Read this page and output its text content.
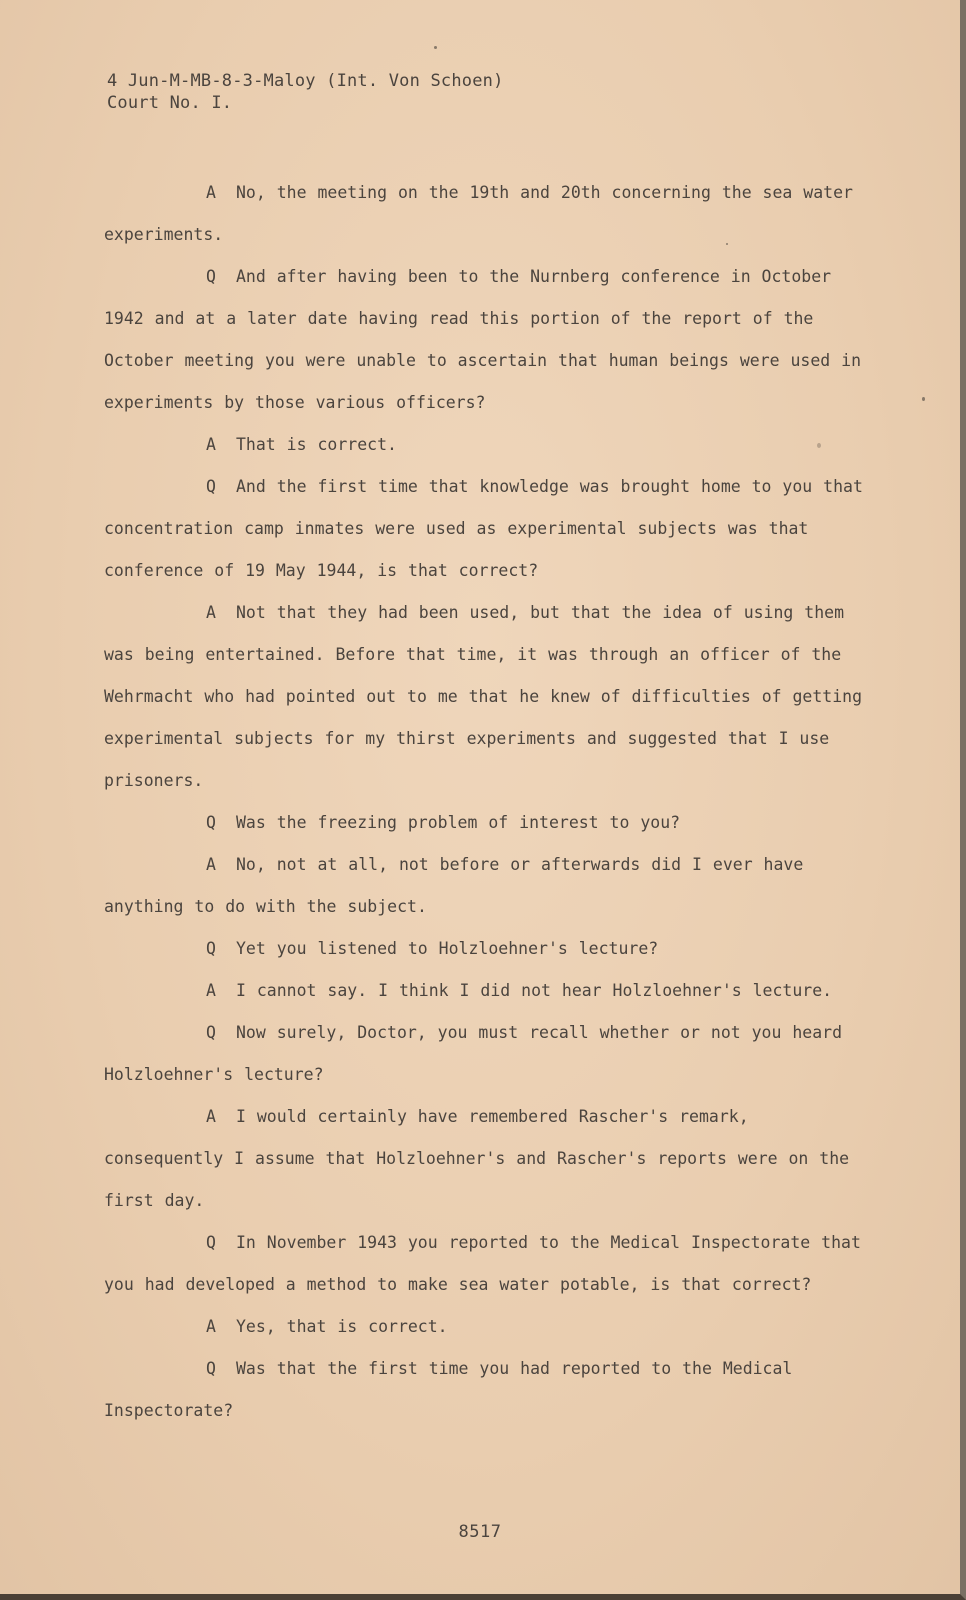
4 Jun-M-MB-8-3-Maloy (Int. Von Schoen)
Court No. I.

A No, the meeting on the 19th and 20th concerning the sea water experiments.

Q And after having been to the Nurnberg conference in October 1942 and at a later date having read this portion of the report of the October meeting you were unable to ascertain that human beings were used in experiments by those various officers?

A That is correct.

Q And the first time that knowledge was brought home to you that concentration camp inmates were used as experimental subjects was that conference of 19 May 1944, is that correct?

A Not that they had been used, but that the idea of using them was being entertained. Before that time, it was through an officer of the Wehrmacht who had pointed out to me that he knew of difficulties of getting experimental subjects for my thirst experiments and suggested that I use prisoners.

Q Was the freezing problem of interest to you?

A No, not at all, not before or afterwards did I ever have anything to do with the subject.

Q Yet you listened to Holzloehner's lecture?

A I cannot say. I think I did not hear Holzloehner's lecture.

Q Now surely, Doctor, you must recall whether or not you heard Holzloehner's lecture?

A I would certainly have remembered Rascher's remark, consequently I assume that Holzloehner's and Rascher's reports were on the first day.

Q In November 1943 you reported to the Medical Inspectorate that you had developed a method to make sea water potable, is that correct?

A Yes, that is correct.

Q Was that the first time you had reported to the Medical Inspectorate?

8517
